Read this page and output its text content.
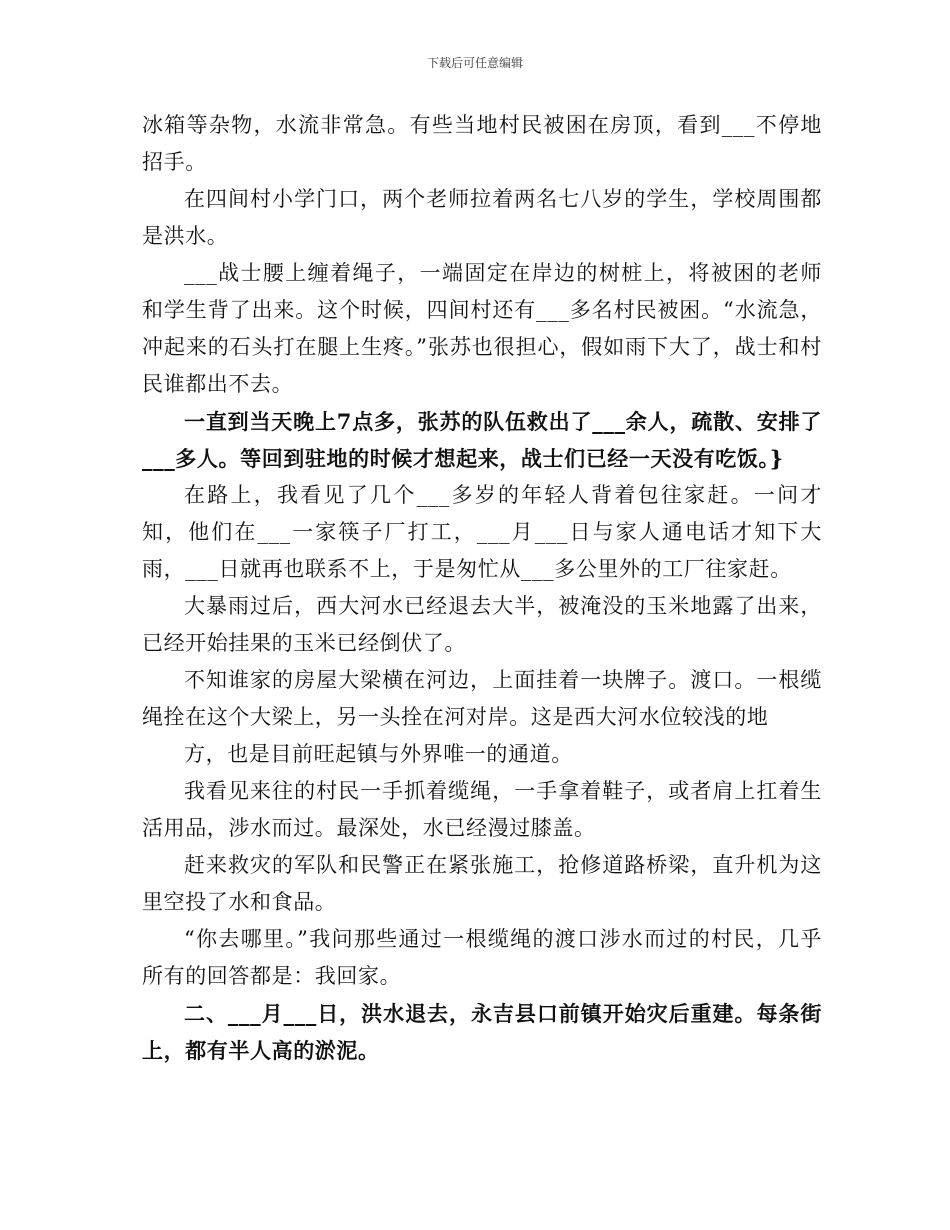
下载后可任意编辑

冰箱等杂物，水流非常急。有些当地村民被困在房顶，看到___不停地招手。

在四间村小学门口，两个老师拉着两名七八岁的学生，学校周围都是洪水。

___战士腰上缠着绳子，一端固定在岸边的树桩上，将被困的老师和学生背了出来。这个时候，四间村还有___多名村民被困。“水流急，冲起来的石头打在腿上生疼。”张苏也很担心，假如雨下大了，战士和村民谁都出不去。

一直到当天晚上7点多，张苏的队伍救出了___余人，疏散、安排了___多人。等回到驻地的时候才想起来，战士们已经一天没有吃饭。}

在路上，我看见了几个___多岁的年轻人背着包往家赶。一问才知，他们在___一家筷子厂打工，___月___日与家人通电话才知下大雨，___日就再也联系不上，于是匆忙从___多公里外的工厂往家赶。

大暴雨过后，西大河水已经退去大半，被淹没的玉米地露了出来，已经开始挂果的玉米已经倒伏了。

不知谁家的房屋大梁横在河边，上面挂着一块牌子。渡口。一根缆绳拴在这个大梁上，另一头拴在河对岸。这是西大河水位较浅的地

方，也是目前旺起镇与外界唯一的通道。

我看见来往的村民一手抓着缆绳，一手拿着鞋子，或者肩上扛着生活用品，涉水而过。最深处，水已经漫过膝盖。

赶来救灾的军队和民警正在紧张施工，抢修道路桥梁，直升机为这里空投了水和食品。

“你去哪里。”我问那些通过一根缆绳的渡口涉水而过的村民，几乎所有的回答都是：我回家。

二、___月___日，洪水退去，永吉县口前镇开始灾后重建。每条街上，都有半人高的淤泥。
